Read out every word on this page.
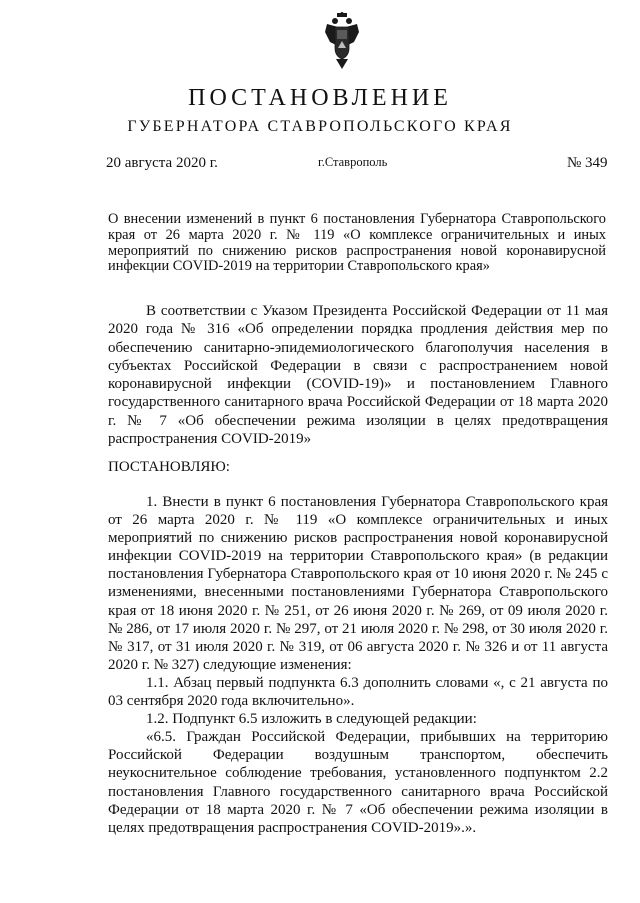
ПОСТАНОВЛЕНИЕ
ГУБЕРНАТОРА СТАВРОПОЛЬСКОГО КРАЯ
20 августа 2020 г.	г.Ставрополь	№ 349
О внесении изменений в пункт 6 постановления Губернатора Ставропольского края от 26 марта 2020 г. № 119 «О комплексе ограничительных и иных мероприятий по снижению рисков распространения новой коронавирусной инфекции COVID-2019 на территории Ставропольского края»
В соответствии с Указом Президента Российской Федерации от 11 мая 2020 года № 316 «Об определении порядка продления действия мер по обеспечению санитарно-эпидемиологического благополучия населения в субъектах Российской Федерации в связи с распространением новой коронавирусной инфекции (COVID-19)» и постановлением Главного государственного санитарного врача Российской Федерации от 18 марта 2020 г. № 7 «Об обеспечении режима изоляции в целях предотвращения распространения COVID-2019»
ПОСТАНОВЛЯЮ:

1. Внести в пункт 6 постановления Губернатора Ставропольского края от 26 марта 2020 г. № 119 «О комплексе ограничительных и иных мероприятий по снижению рисков распространения новой коронавирусной инфекции COVID-2019 на территории Ставропольского края» (в редакции постановления Губернатора Ставропольского края от 10 июня 2020 г. № 245 с изменениями, внесенными постановлениями Губернатора Ставропольского края от 18 июня 2020 г. № 251, от 26 июня 2020 г. № 269, от 09 июля 2020 г. № 286, от 17 июля 2020 г. № 297, от 21 июля 2020 г. № 298, от 30 июля 2020 г. № 317, от 31 июля 2020 г. № 319, от 06 августа 2020 г. № 326 и от 11 августа 2020 г. № 327) следующие изменения:

1.1. Абзац первый подпункта 6.3 дополнить словами «, с 21 августа по 03 сентября 2020 года включительно».

1.2. Подпункт 6.5 изложить в следующей редакции:

«6.5. Граждан Российской Федерации, прибывших на территорию Российской Федерации воздушным транспортом, обеспечить неукоснительное соблюдение требования, установленного подпунктом 2.2 постановления Главного государственного санитарного врача Российской Федерации от 18 марта 2020 г. № 7 «Об обеспечении режима изоляции в целях предотвращения распространения COVID-2019».».
